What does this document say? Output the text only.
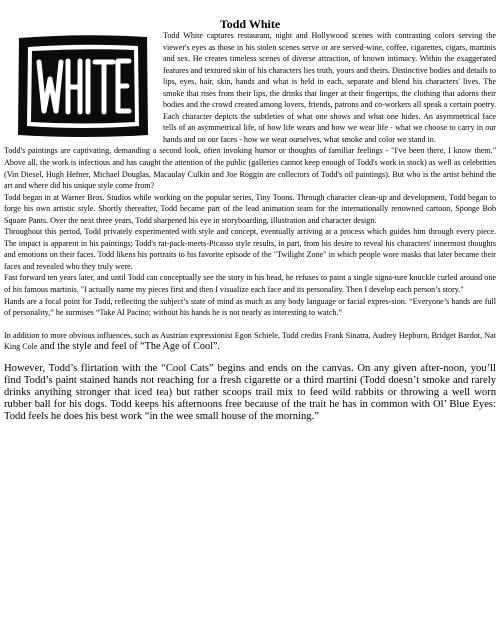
Todd White

Todd White captures restaurant, night and Hollywood scenes with contrasting colors serving the viewer's eyes as those in his stolen scenes serve or are served-wine, coffee, cigarettes, cigars, martinis and sex. He creates timeless scenes of diverse attraction, of known intimacy. Within the exaggerated features and textured skin of his characters lies truth, yours and theirs. Distinctive bodies and details to lips, eyes, hair, skin, hands and what is held in each, separate and blend his characters' lives. The smoke that rises from their lips, the drinks that linger at their fingertips, the clothing that adorns their bodies and the crowd created among lovers, friends, patrons and co-workers all speak a certain poetry. Each character depicts the subtleties of what one shows and what one hides. An asymmetrical face tells of an asymmetrical life, of how life wears and how we wear life - what we choose to carry in our hands and on our faces - how we wear ourselves, what smoke and color we stand in.

Todd's paintings are captivating, demanding a second look, often invoking humor or thoughts of familiar feelings - "I've been there, I know them." Above all, the work is infectious and has caught the attention of the public (galleries cannot keep enough of Todd's work in stock) as well as celebrities (Vin Diesel, Hugh Hefner, Michael Douglas, Macaulay Culkin and Joe Roggin are collectors of Todd's oil paintings). But who is the artist behind the art and where did his unique style come from?

Todd began in at Warner Bros. Studios while working on the popular series, Tiny Toons. Through character clean-up and development, Todd began to forge his own artistic style. Shortly thereafter, Todd became part of the lead animation team for the internationally renowned cartoon, Sponge Bob Square Pants. Over the next three years, Todd sharpened his eye in storyboarding, illustration and character design.

Throughout this period, Todd privately experimented with style and concept, eventually arriving at a process which guides him through every piece. The impact is apparent in his paintings; Todd's rat-pack-meets-Picasso style results, in part, from his desire to reveal his characters' innermost thoughts and emotions on their faces. Todd likens his portraits to his favorite episode of the "Twilight Zone" in which people wore masks that later became their faces and revealed who they truly were.

Fast forward ten years later, and until Todd can conceptually see the story in his head, he refuses to paint a single signa-ture knuckle curled around one of his famous martinis. "I actually name my pieces first and then I visualize each face and its personality. Then I develop each person’s story."

Hands are a focal point for Todd, reflecting the subject’s state of mind as much as any body language or facial expres-sion. “Everyone’s hands are full of personality,” he surmises “Take Al Pacino; without his hands he is not nearly as interesting to watch.”

In addition to more obvious influences, such as Austrian expressionist Egon Schiele, Todd credits Frank Sinatra, Audrey Hepburn, Bridget Bardot, Nat King Cole and the style and feel of “The Age of Cool”.

However, Todd’s flirtation with the “Cool Cats” begins and ends on the canvas. On any given after-noon, you’ll find Todd’s paint stained hands not reaching for a fresh cigarette or a third martini (Todd doesn’t smoke and rarely drinks anything stronger that iced tea) but rather scoops trail mix to feed wild rabbits or throwing a well worn rubber ball for his dogs. Todd keeps his afternoons free because of the trait he has in common with Ol’ Blue Eyes: Todd feels he does his best work “in the wee small house of the morning.”
